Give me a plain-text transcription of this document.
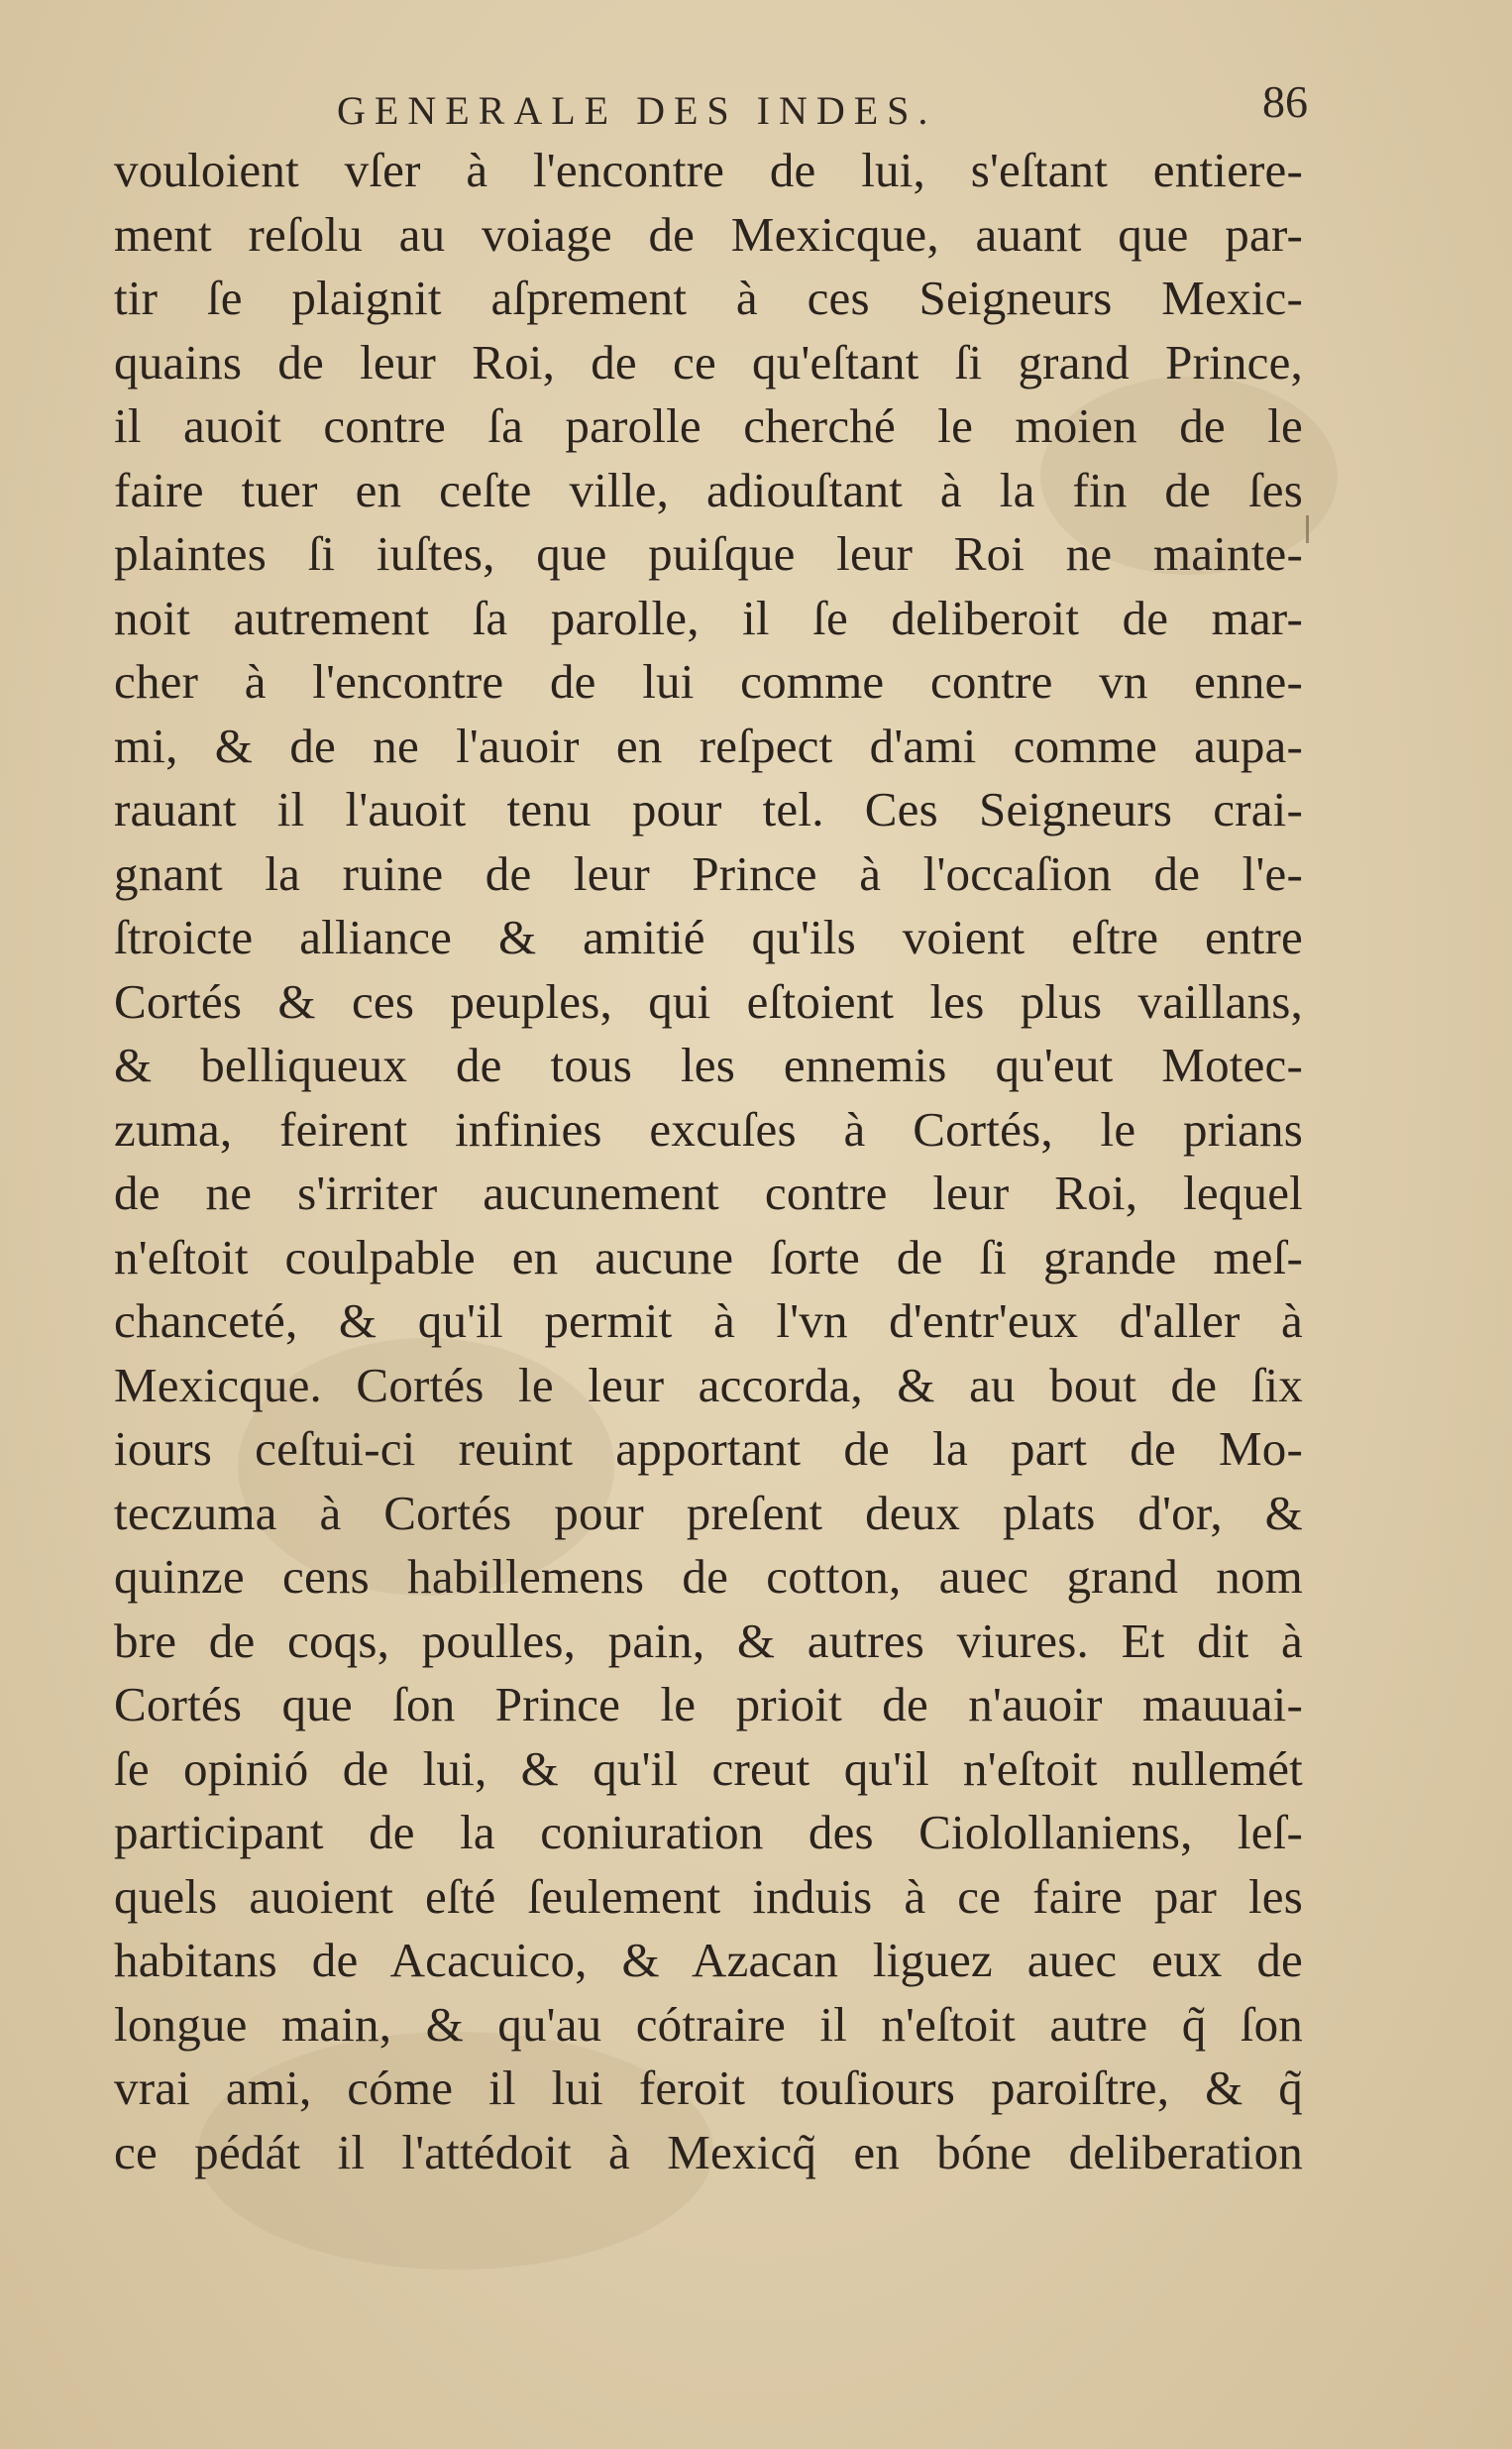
GENERALE DES INDES.	86
vouloient vſer à l'encontre de lui, s'eſtant entiere-
ment reſolu au voiage de Mexicque, auant que par-
tir ſe plaignit aſprement à ces Seigneurs Mexic-
quains de leur Roi, de ce qu'eſtant ſi grand Prince,
il auoit contre ſa parolle cherché le moien de le
faire tuer en ceſte ville, adiouſtant à la fin de ſes
plaintes ſi iuſtes, que puiſque leur Roi ne mainte-
noit autrement ſa parolle, il ſe deliberoit de mar-
cher à l'encontre de lui comme contre vn enne-
mi, & de ne l'auoir en reſpect d'ami comme aupa-
rauant il l'auoit tenu pour tel. Ces Seigneurs crai-
gnant la ruine de leur Prince à l'occaſion de l'e-
ſtroicte alliance & amitié qu'ils voient eſtre entre
Cortés & ces peuples, qui eſtoient les plus vaillans,
& belliqueux de tous les ennemis qu'eut Motec-
zuma, feirent infinies excuſes à Cortés, le prians
de ne s'irriter aucunement contre leur Roi, lequel
n'eſtoit coulpable en aucune ſorte de ſi grande meſ-
chanceté, & qu'il permit à l'vn d'entr'eux d'aller à
Mexicque. Cortés le leur accorda, & au bout de ſix
iours ceſtui-ci reuint apportant de la part de Mo-
teczuma à Cortés pour preſent deux plats d'or, &
quinze cens habillemens de cotton, auec grand nom
bre de coqs, poulles, pain, & autres viures. Et dit à
Cortés que ſon Prince le prioit de n'auoir mauuai-
ſe opinió de lui, & qu'il creut qu'il n'eſtoit nullemét
participant de la coniuration des Ciolollaniens, leſ-
quels auoient eſté ſeulement induis à ce faire par les
habitans de Acacuico, & Azacan liguez auec eux de
longue main, & qu'au cótraire il n'eſtoit autre q̃ ſon
vrai ami, cóme il lui feroit touſiours paroiſtre, & q̃
ce pédát il l'attédoit à Mexicq̃ en bóne deliberation
